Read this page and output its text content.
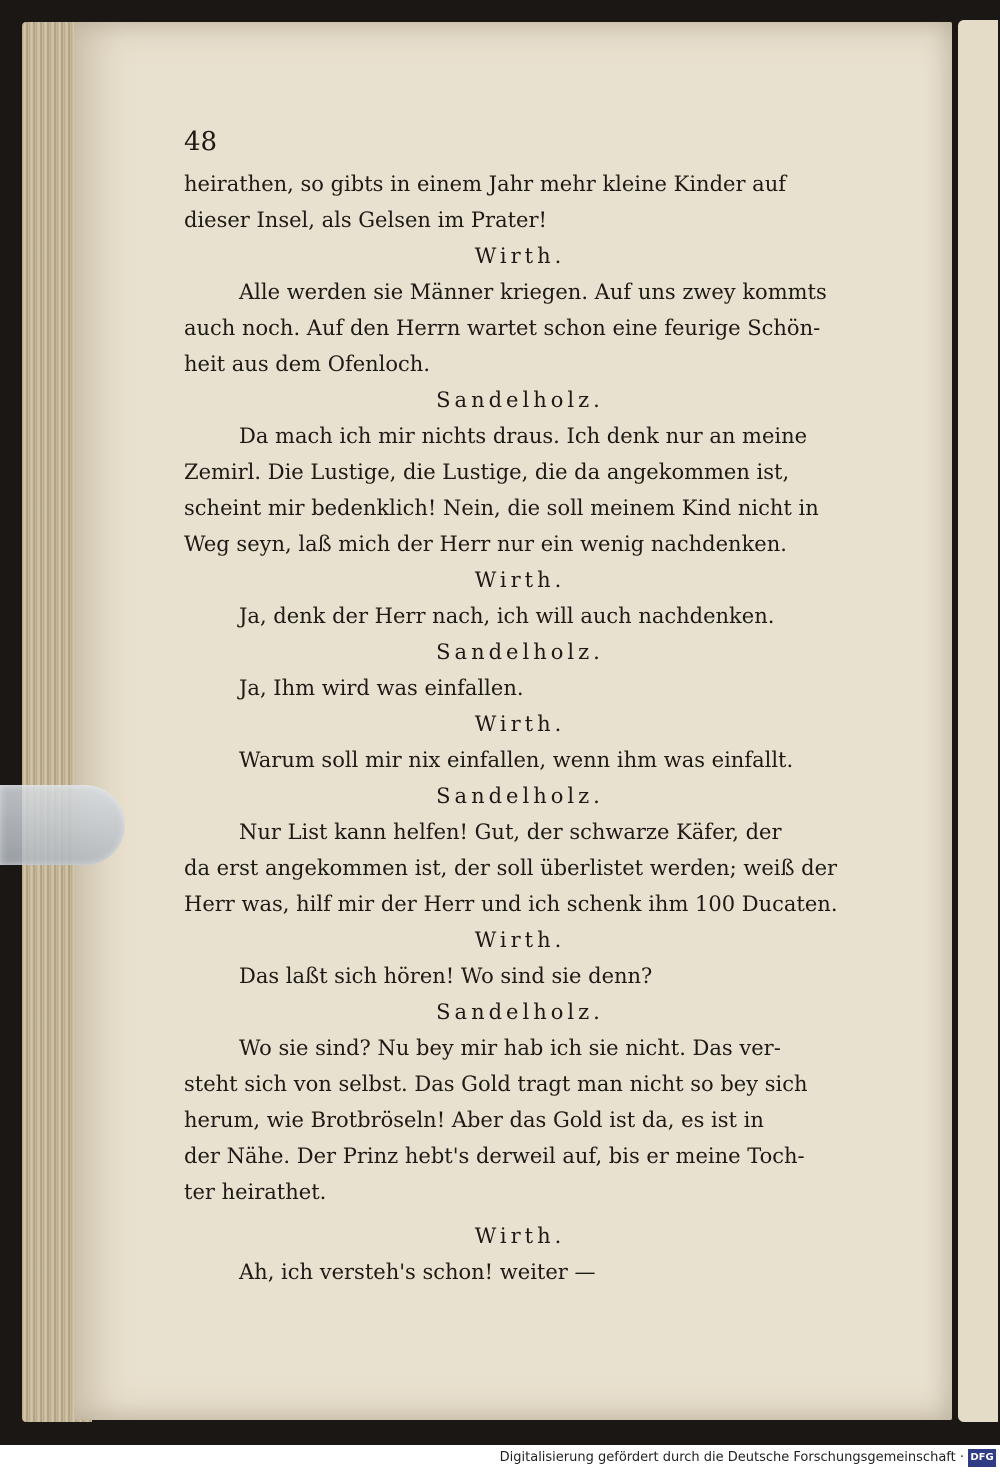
48
heirathen, so gibts in einem Jahr mehr kleine Kinder auf
dieser Insel, als Gelsen im Prater!
Wirth.
Alle werden sie Männer kriegen. Auf uns zwey kommts
auch noch. Auf den Herrn wartet schon eine feurige Schön-
heit aus dem Ofenloch.
Sandelholz.
Da mach ich mir nichts draus. Ich denk nur an meine
Zemirl. Die Lustige, die Lustige, die da angekommen ist,
scheint mir bedenklich! Nein, die soll meinem Kind nicht in
Weg seyn, laß mich der Herr nur ein wenig nachdenken.
Wirth.
Ja, denk der Herr nach, ich will auch nachdenken.
Sandelholz.
Ja, Ihm wird was einfallen.
Wirth.
Warum soll mir nix einfallen, wenn ihm was einfallt.
Sandelholz.
Nur List kann helfen! Gut, der schwarze Käfer, der
da erst angekommen ist, der soll überlistet werden; weiß der
Herr was, hilf mir der Herr und ich schenk ihm 100 Ducaten.
Wirth.
Das laßt sich hören! Wo sind sie denn?
Sandelholz.
Wo sie sind? Nu bey mir hab ich sie nicht. Das ver-
steht sich von selbst. Das Gold tragt man nicht so bey sich
herum, wie Brotbröseln! Aber das Gold ist da, es ist in
der Nähe. Der Prinz hebt's derweil auf, bis er meine Toch-
ter heirathet.
Wirth.
Ah, ich versteh's schon! weiter —
Digitalisierung gefördert durch die Deutsche Forschungsgemeinschaft · DFG
